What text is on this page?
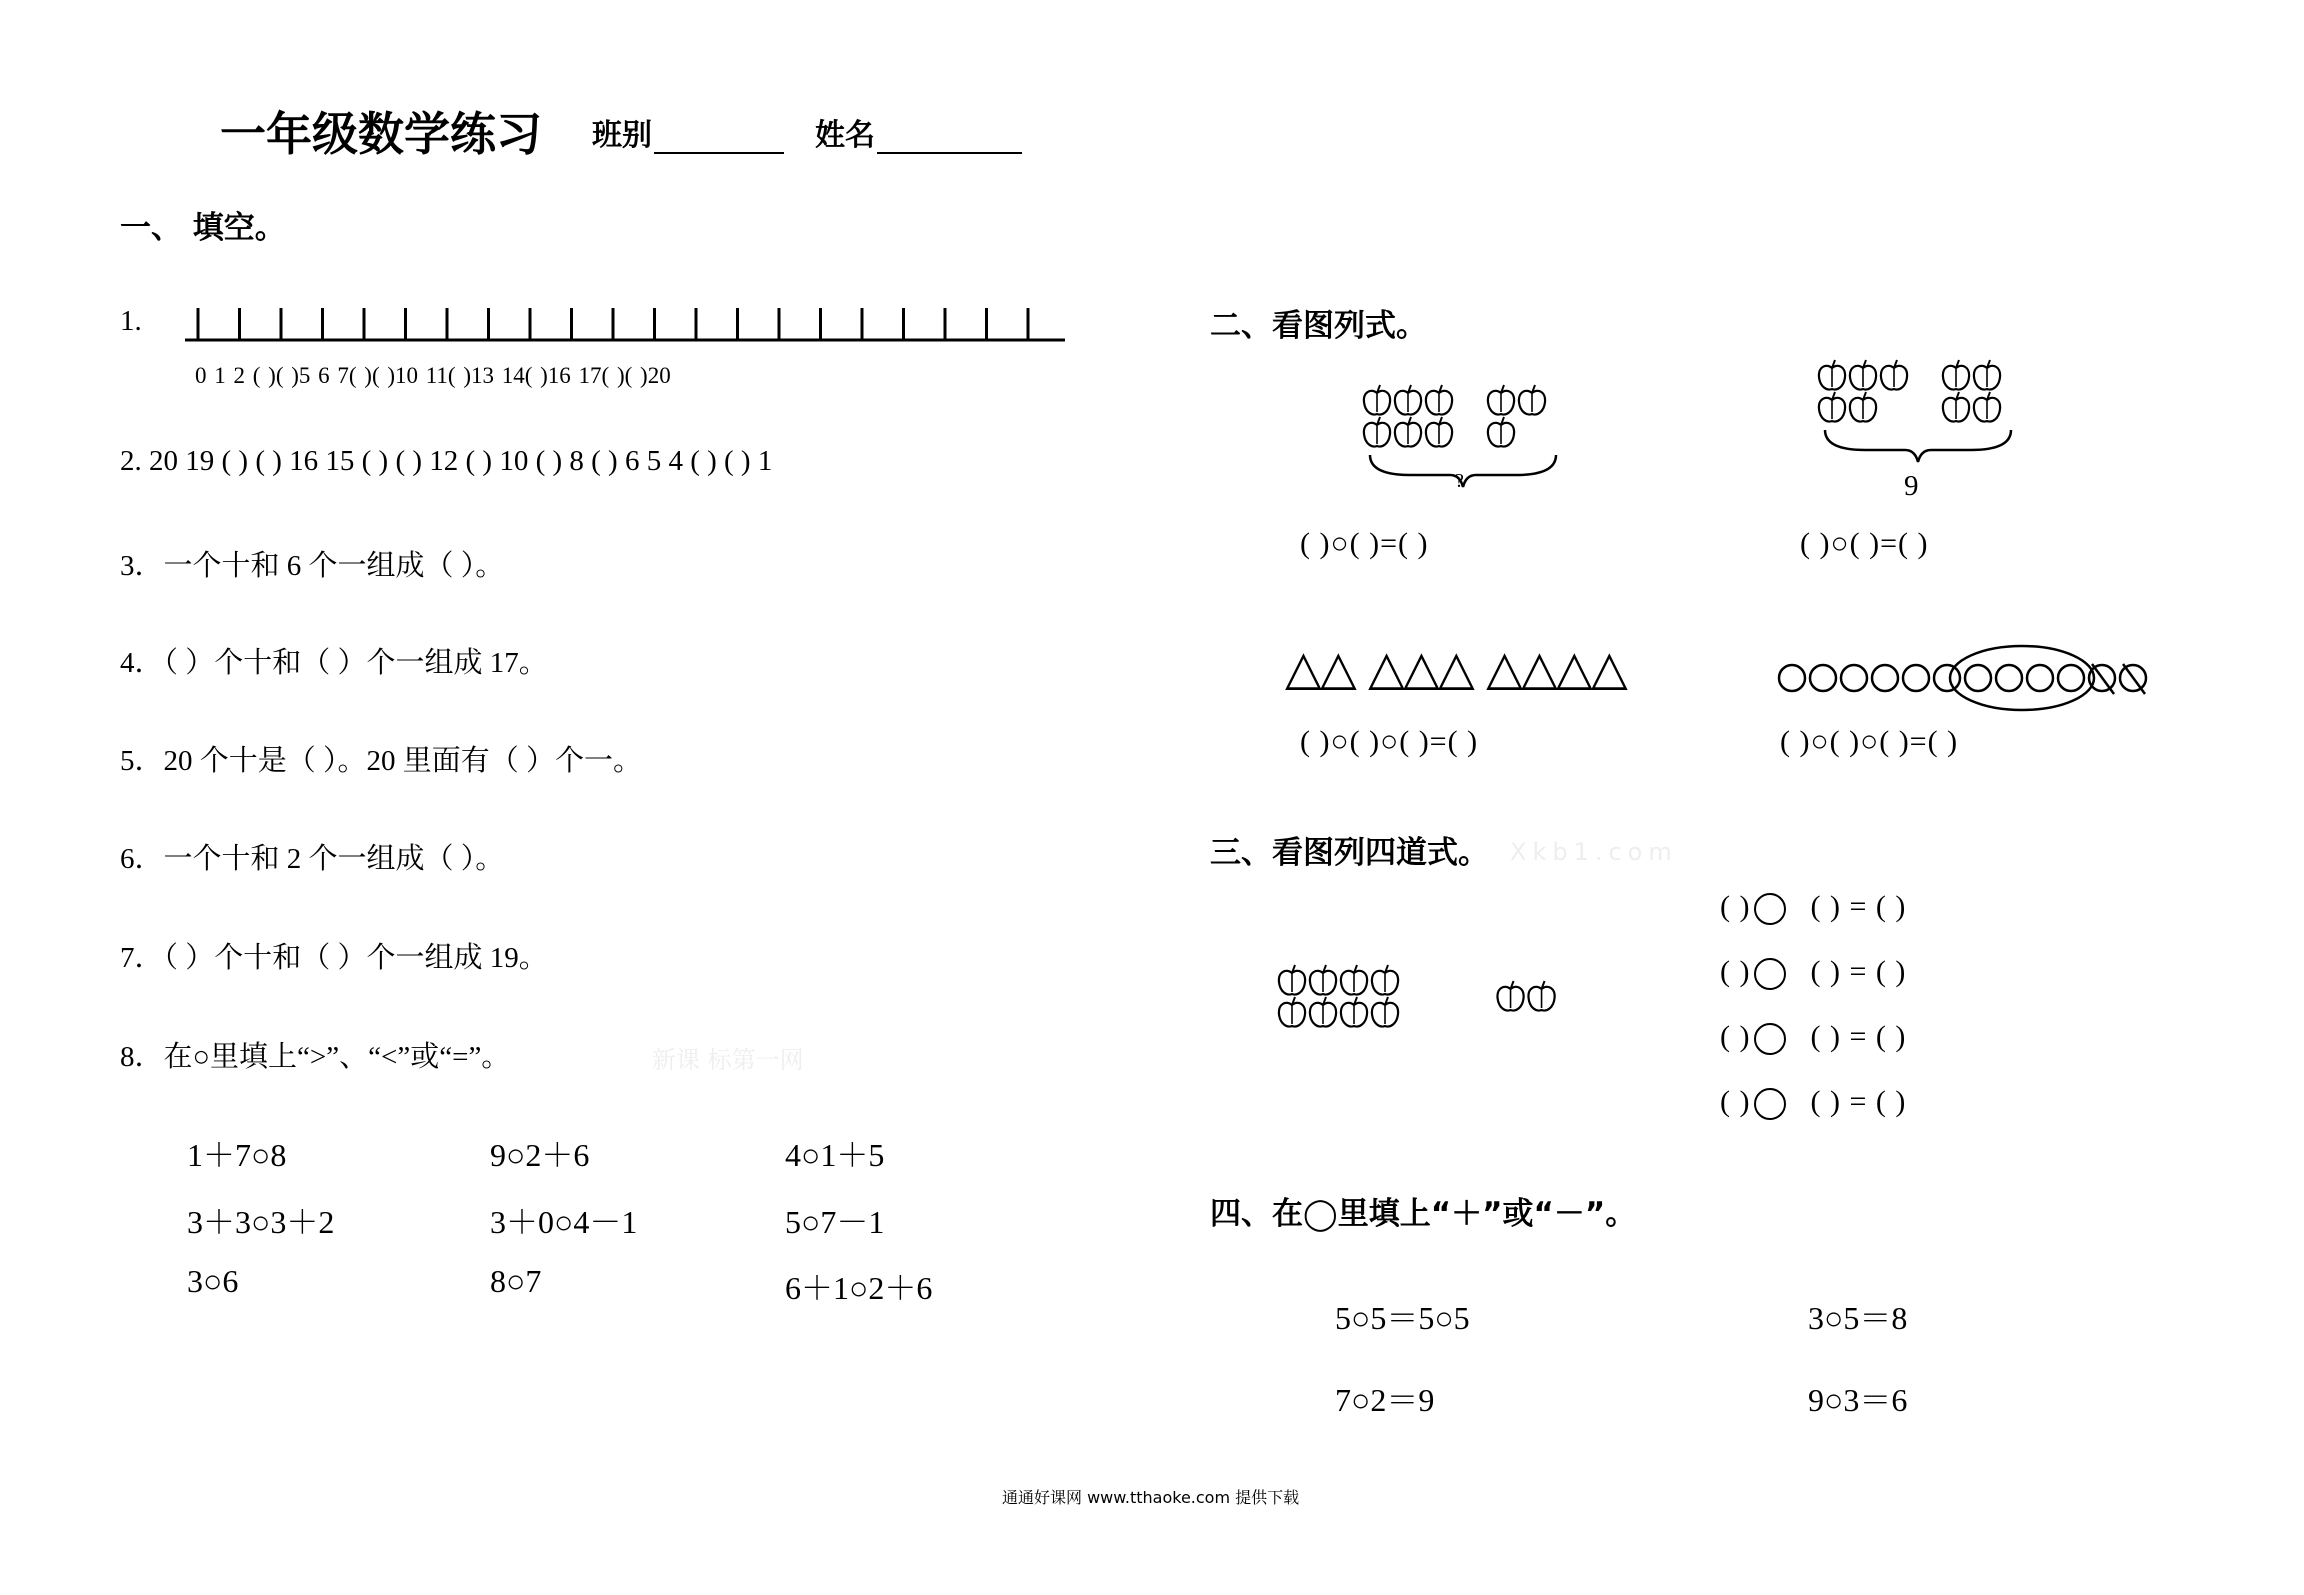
一年级数学练习 班别	姓名
一、 填空。
1.
0 1 2 ( )( )5 6 7( )( )10 11( )13 14( )16 17( )( )20
2. 20 19 ( ) ( ) 16 15 ( ) ( ) 12 ( ) 10 ( ) 8 ( ) 6 5 4 ( ) ( ) 1
3．一个十和 6 个一组成（ ）。
4．（ ）个十和（ ）个一组成 17。
5．20 个十是（ ）。20 里面有（ ）个一。
6．一个十和 2 个一组成（ ）。
7．（ ）个十和（ ）个一组成 19。
8．在○里填上“>”、“<”或“=”。	新课 标第一网
1＋7○8	9○2＋6	4○1＋5
3＋3○3＋2	3＋0○4－1	5○7－1
3○6	8○7	6＋1○2＋6
二、看图列式。
?	9
( )○( )=( )	( )○( )=( )
△△ △△△ △△△△
( )○( )○( )=( )	( )○( )○( )=( )
三、看图列四道式。 Xkb1.com
( ) ( ) = ( )
( ) ( ) = ( )
( ) ( ) = ( )
( ) ( ) = ( )
四、在◯里填上“＋”或“－”。
5○5＝5○5	3○5＝8
7○2＝9	9○3＝6
通通好课网 www.tthaoke.com 提供下载
